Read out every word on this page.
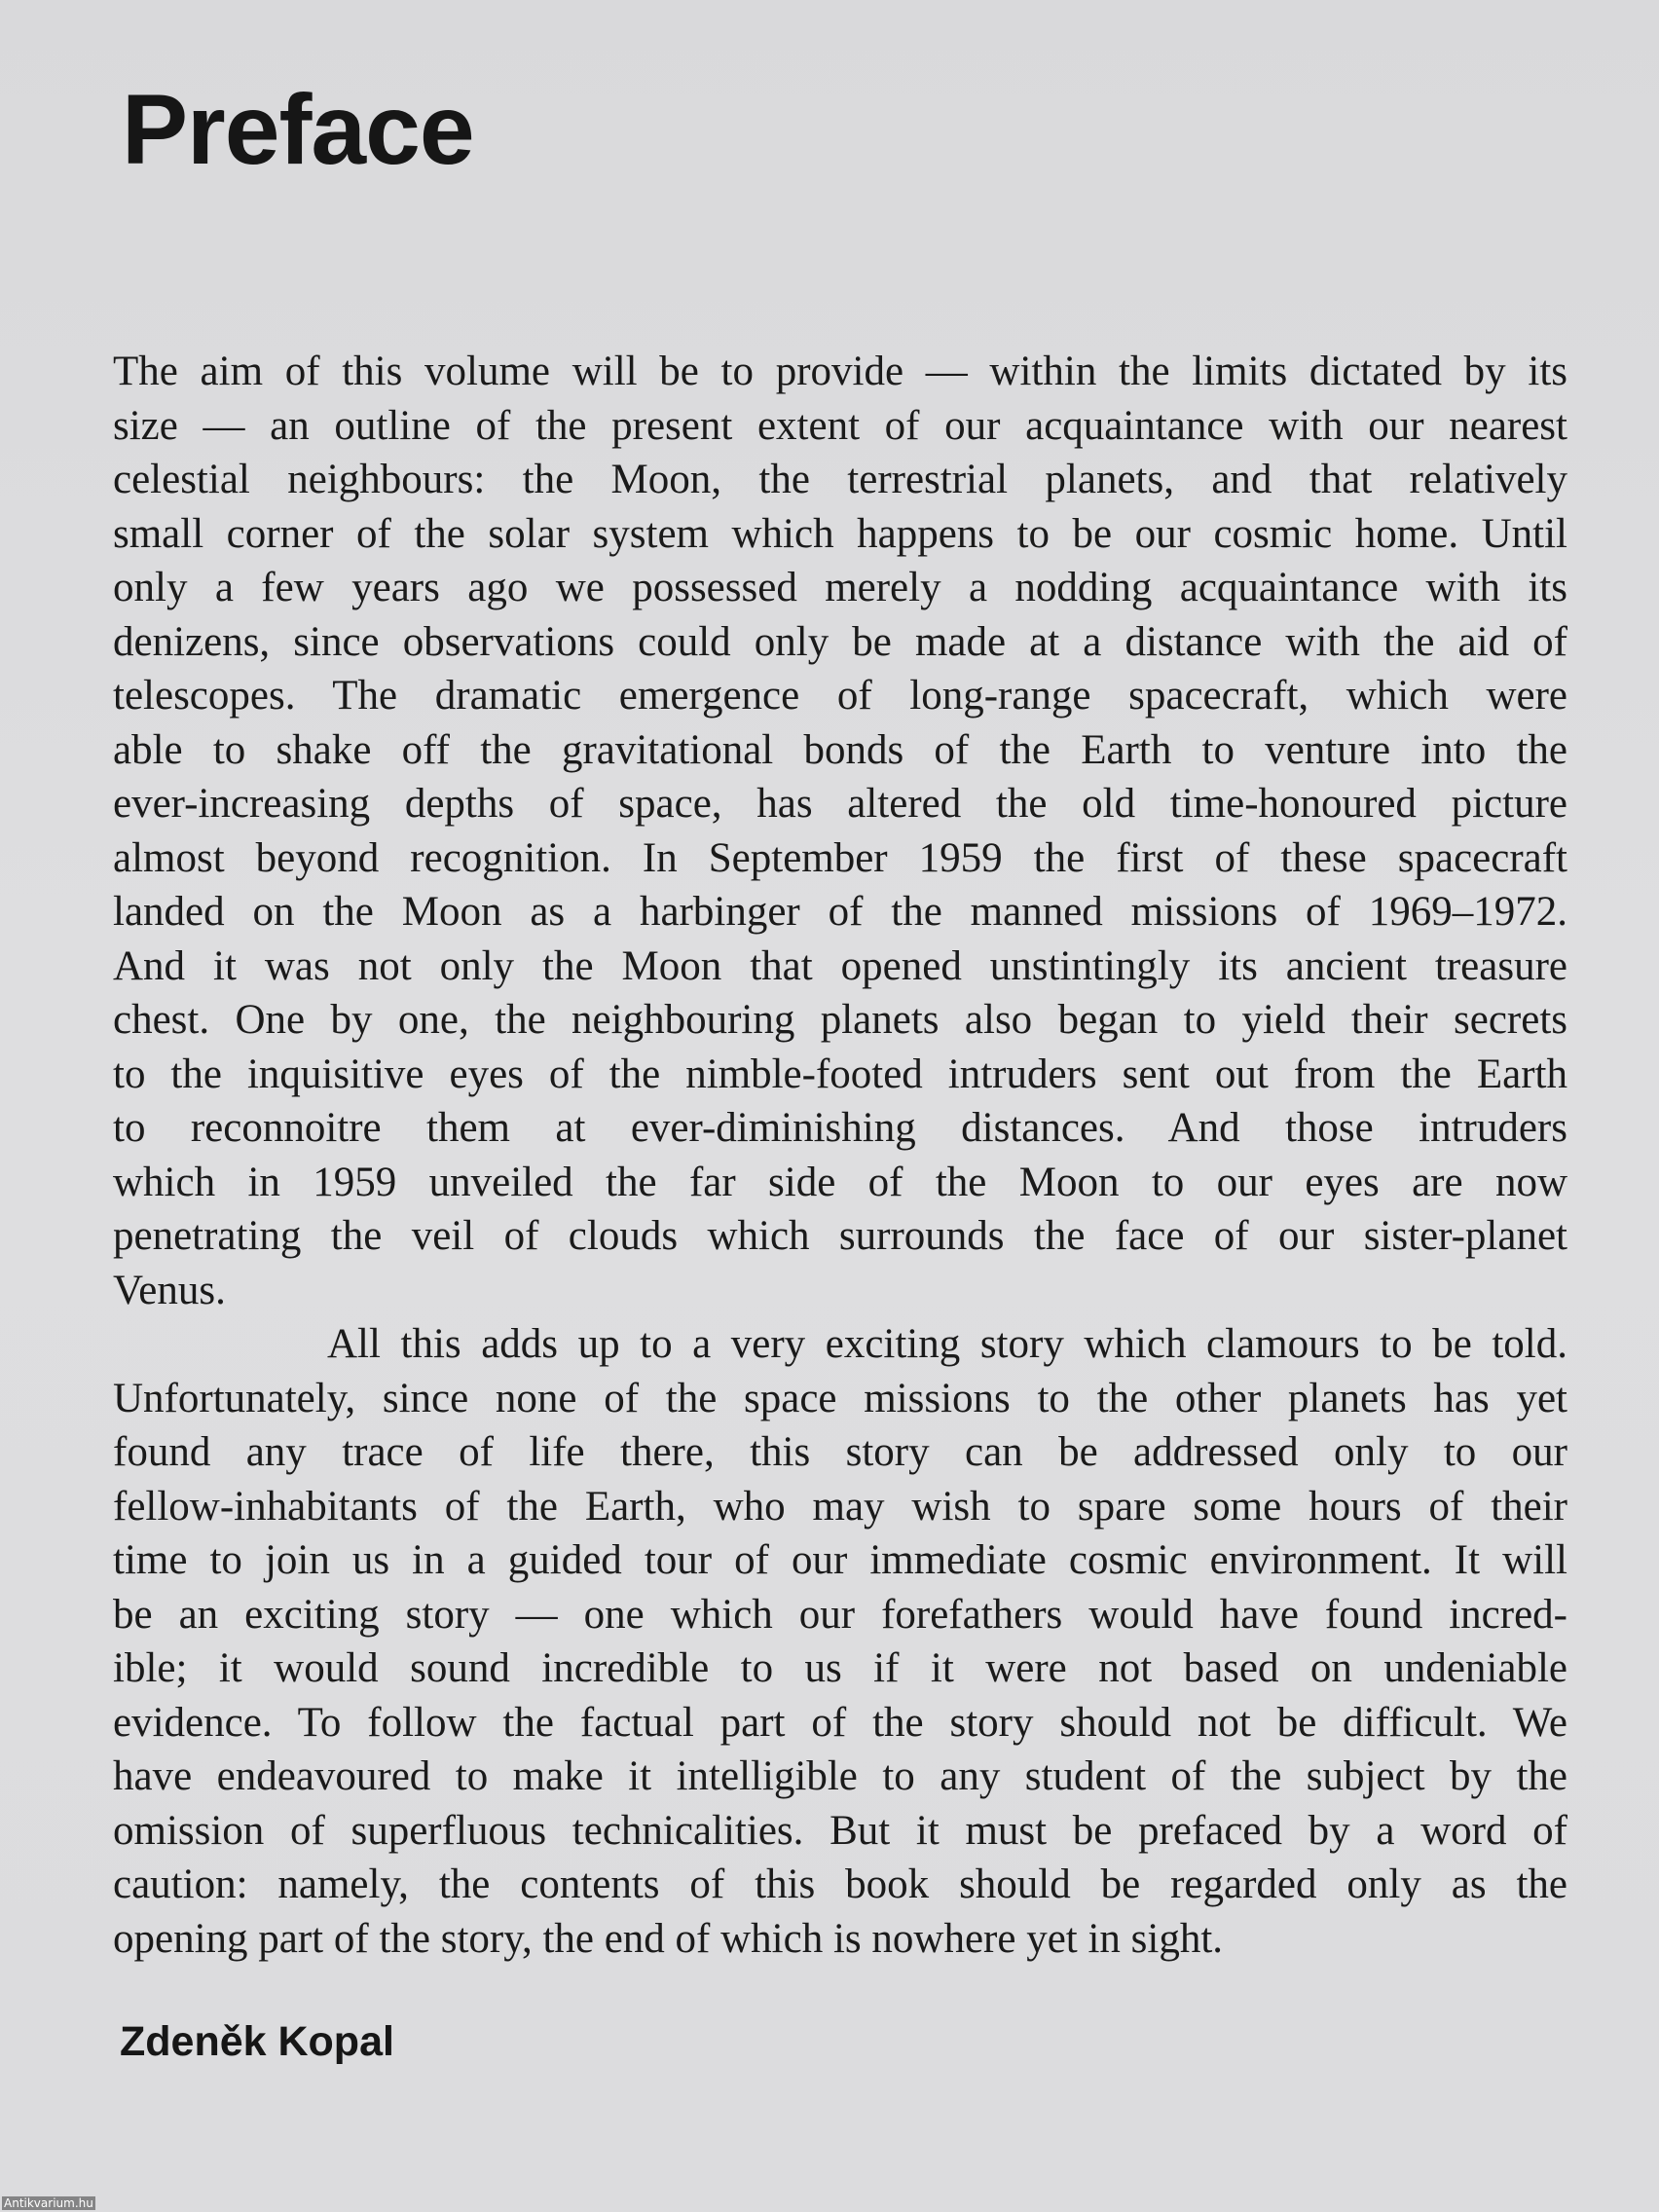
Preface
The aim of this volume will be to provide — within the limits dictated by its
size — an outline of the present extent of our acquaintance with our nearest
celestial neighbours: the Moon, the terrestrial planets, and that relatively
small corner of the solar system which happens to be our cosmic home. Until
only a few years ago we possessed merely a nodding acquaintance with its
denizens, since observations could only be made at a distance with the aid of
telescopes. The dramatic emergence of long-range spacecraft, which were
able to shake off the gravitational bonds of the Earth to venture into the
ever-increasing depths of space, has altered the old time-honoured picture
almost beyond recognition. In September 1959 the first of these spacecraft
landed on the Moon as a harbinger of the manned missions of 1969–1972.
And it was not only the Moon that opened unstintingly its ancient treasure
chest. One by one, the neighbouring planets also began to yield their secrets
to the inquisitive eyes of the nimble-footed intruders sent out from the Earth
to reconnoitre them at ever-diminishing distances. And those intruders
which in 1959 unveiled the far side of the Moon to our eyes are now
penetrating the veil of clouds which surrounds the face of our sister-planet
Venus.
All this adds up to a very exciting story which clamours to be told.
Unfortunately, since none of the space missions to the other planets has yet
found any trace of life there, this story can be addressed only to our
fellow-inhabitants of the Earth, who may wish to spare some hours of their
time to join us in a guided tour of our immediate cosmic environment. It will
be an exciting story — one which our forefathers would have found incred-
ible; it would sound incredible to us if it were not based on undeniable
evidence. To follow the factual part of the story should not be difficult. We
have endeavoured to make it intelligible to any student of the subject by the
omission of superfluous technicalities. But it must be prefaced by a word of
caution: namely, the contents of this book should be regarded only as the
opening part of the story, the end of which is nowhere yet in sight.

Zdeněk Kopal

Antikvarium.hu
